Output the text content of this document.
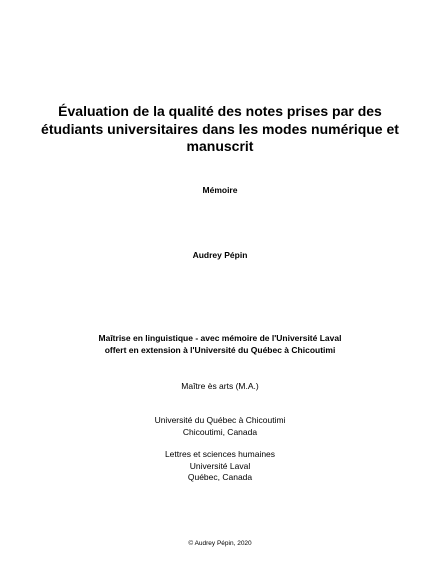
Évaluation de la qualité des notes prises par des
étudiants universitaires dans les modes numérique et
manuscrit
Mémoire
Audrey Pépin
Maîtrise en linguistique - avec mémoire de l'Université Laval
offert en extension à l'Université du Québec à Chicoutimi
Maître ès arts (M.A.)
Université du Québec à Chicoutimi
Chicoutimi, Canada
Lettres et sciences humaines
Université Laval
Québec, Canada
© Audrey Pépin, 2020
